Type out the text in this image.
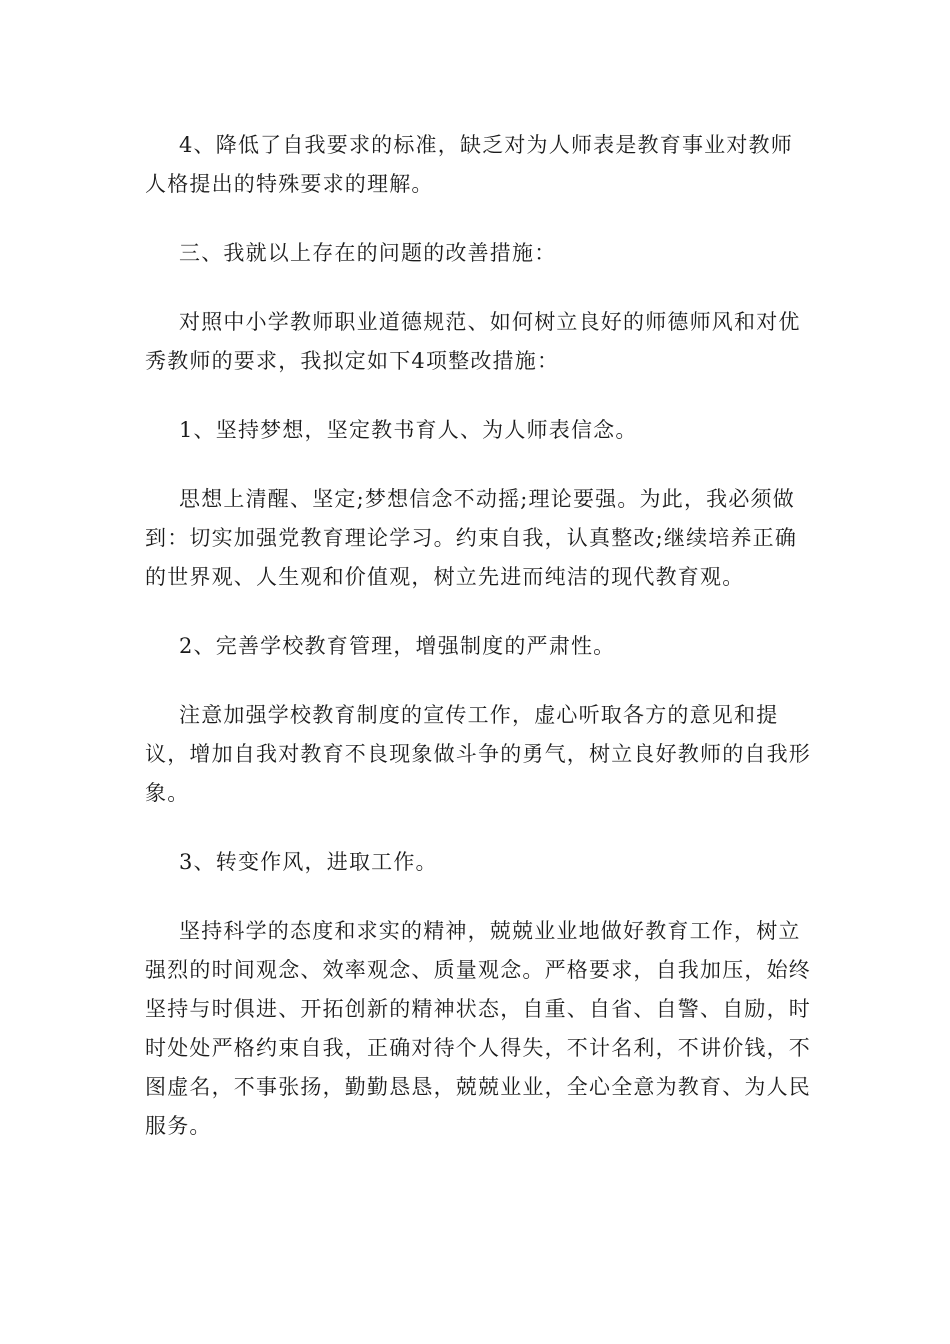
4、降低了自我要求的标准，缺乏对为人师表是教育事业对教师人格提出的特殊要求的理解。

三、我就以上存在的问题的改善措施：

对照中小学教师职业道德规范、如何树立良好的师德师风和对优秀教师的要求，我拟定如下4项整改措施：

1、坚持梦想，坚定教书育人、为人师表信念。

思想上清醒、坚定;梦想信念不动摇;理论要强。为此，我必须做到：切实加强党教育理论学习。约束自我，认真整改;继续培养正确的世界观、人生观和价值观，树立先进而纯洁的现代教育观。

2、完善学校教育管理，增强制度的严肃性。

注意加强学校教育制度的宣传工作，虚心听取各方的意见和提议，增加自我对教育不良现象做斗争的勇气，树立良好教师的自我形象。

3、转变作风，进取工作。

坚持科学的态度和求实的精神，兢兢业业地做好教育工作，树立强烈的时间观念、效率观念、质量观念。严格要求，自我加压，始终坚持与时俱进、开拓创新的精神状态，自重、自省、自警、自励，时时处处严格约束自我，正确对待个人得失，不计名利，不讲价钱，不图虚名，不事张扬，勤勤恳恳，兢兢业业，全心全意为教育、为人民服务。
